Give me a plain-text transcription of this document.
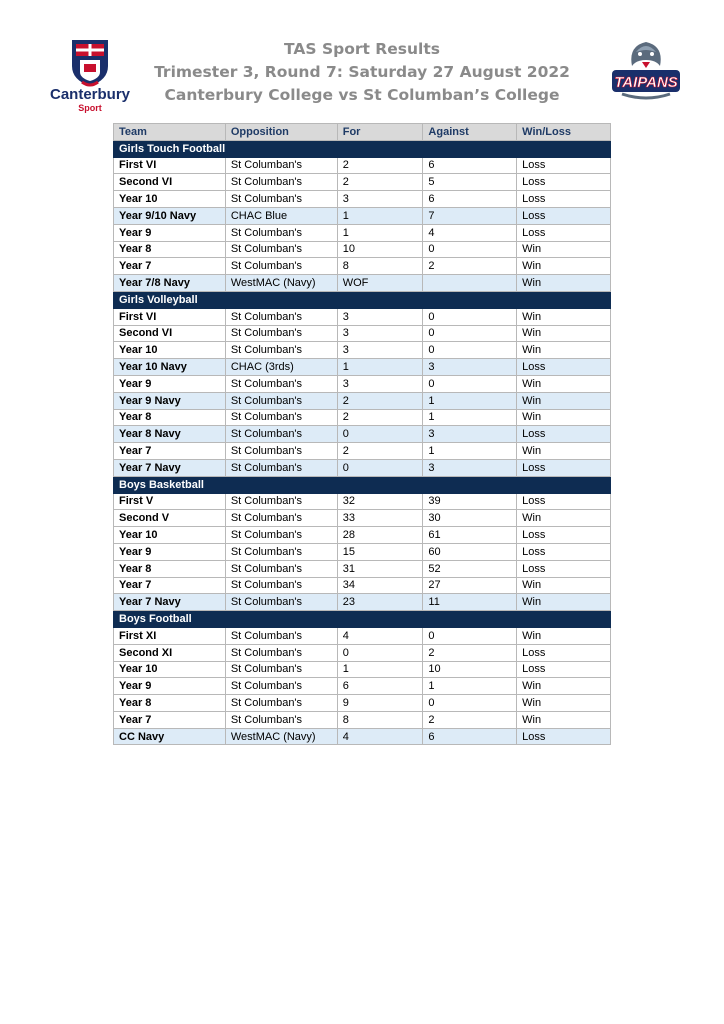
Canterbury
Sport
TAS Sport Results
Trimester 3, Round 7: Saturday 27 August 2022
Canterbury College vs St Columban’s College
TAIPANS
Team	Opposition	For	Against	Win/Loss
Girls Touch Football				
First VI	St Columban's	2	6	Loss
Second VI	St Columban's	2	5	Loss
Year 10	St Columban's	3	6	Loss
Year 9/10 Navy	CHAC Blue	1	7	Loss
Year 9	St Columban's	1	4	Loss
Year 8	St Columban's	10	0	Win
Year 7	St Columban's	8	2	Win
Year 7/8 Navy	WestMAC (Navy)	WOF		Win
Girls Volleyball				
First VI	St Columban's	3	0	Win
Second VI	St Columban's	3	0	Win
Year 10	St Columban's	3	0	Win
Year 10 Navy	CHAC (3rds)	1	3	Loss
Year 9	St Columban's	3	0	Win
Year 9 Navy	St Columban's	2	1	Win
Year 8	St Columban's	2	1	Win
Year 8 Navy	St Columban's	0	3	Loss
Year 7	St Columban's	2	1	Win
Year 7 Navy	St Columban's	0	3	Loss
Boys Basketball				
First V	St Columban's	32	39	Loss
Second V	St Columban's	33	30	Win
Year 10	St Columban's	28	61	Loss
Year 9	St Columban's	15	60	Loss
Year 8	St Columban's	31	52	Loss
Year 7	St Columban's	34	27	Win
Year 7 Navy	St Columban's	23	11	Win
Boys Football				
First XI	St Columban's	4	0	Win
Second XI	St Columban's	0	2	Loss
Year 10	St Columban's	1	10	Loss
Year 9	St Columban's	6	1	Win
Year 8	St Columban's	9	0	Win
Year 7	St Columban's	8	2	Win
CC Navy	WestMAC (Navy)	4	6	Loss
